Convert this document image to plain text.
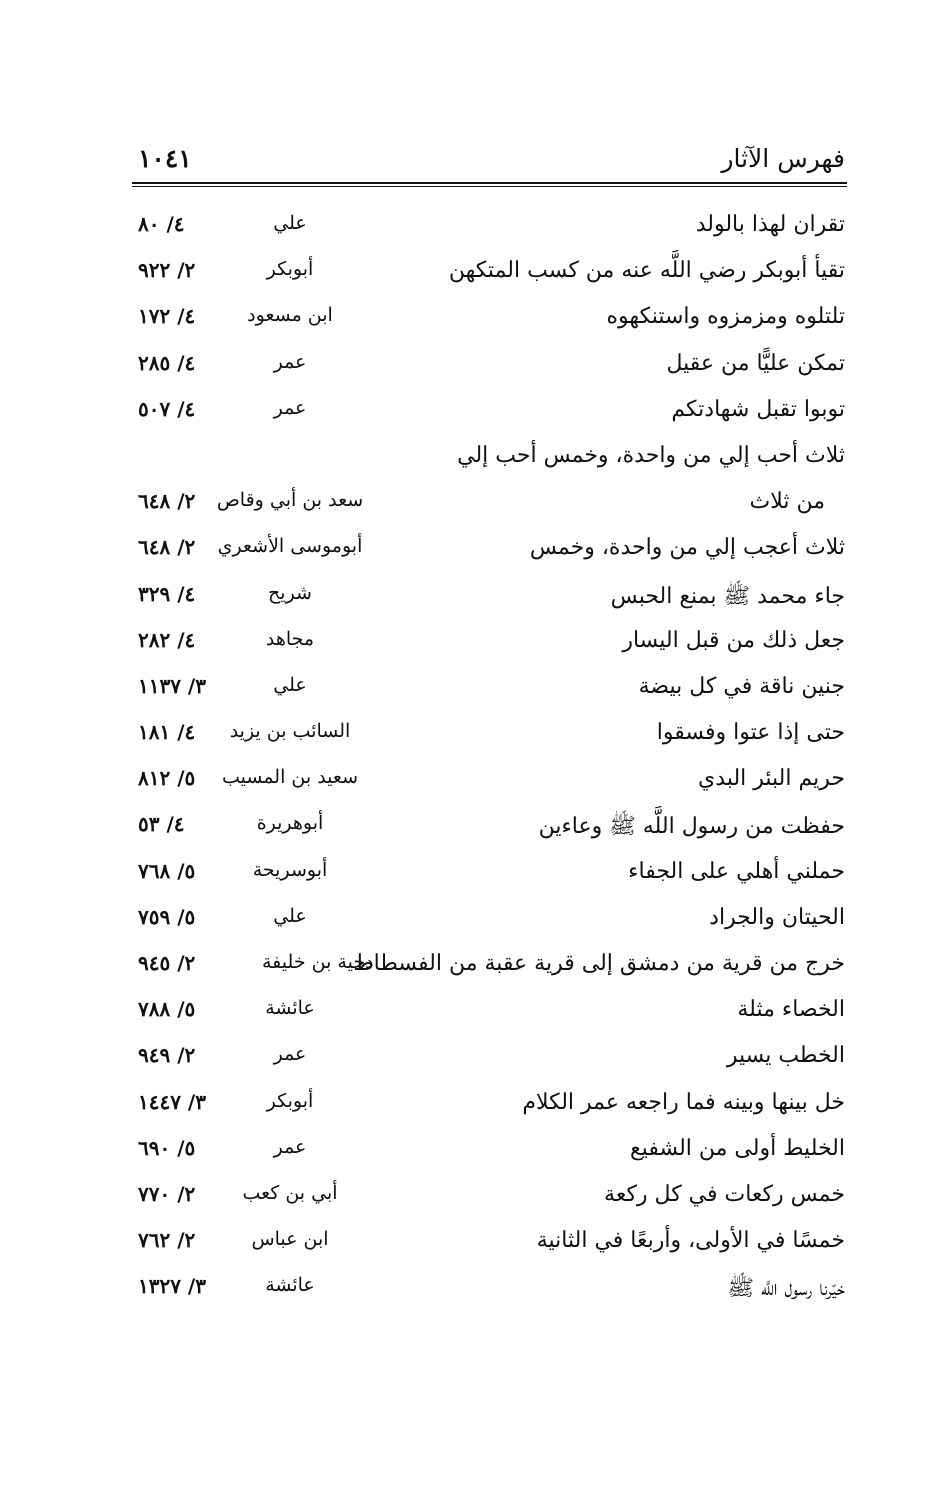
١٠٤١	فهرس الآثار
تقران لهذا بالولد
علي
٤/ ٨٠
تقيأ أبوبكر رضي اللَّه عنه من كسب المتكهن
أبوبكر
٢/ ٩٢٢
تلتلوه ومزمزوه واستنكهوه
ابن مسعود
٤/ ١٧٢
تمكن عليًّا من عقيل
عمر
٤/ ٢٨٥
توبوا تقبل شهادتكم
عمر
٤/ ٥٠٧
ثلاث أحب إلي من واحدة، وخمس أحب إلي
من ثلاث
سعد بن أبي وقاص
٢/ ٦٤٨
ثلاث أعجب إلي من واحدة، وخمس
أبوموسى الأشعري
٢/ ٦٤٨
جاء محمد ﷺ بمنع الحبس
شريح
٤/ ٣٢٩
جعل ذلك من قبل اليسار
مجاهد
٤/ ٢٨٢
جنين ناقة في كل بيضة
علي
٣/ ١١٣٧
حتى إذا عتوا وفسقوا
السائب بن يزيد
٤/ ١٨١
حريم البئر البدي
سعيد بن المسيب
٥/ ٨١٢
حفظت من رسول اللَّه ﷺ وعاءين
أبوهريرة
٤/ ٥٣
حملني أهلي على الجفاء
أبوسريحة
٥/ ٧٦٨
الحيتان والجراد
علي
٥/ ٧٥٩
خرج من قرية من دمشق إلى قرية عقبة من الفسطاط
دحية بن خليفة
٢/ ٩٤٥
الخصاء مثلة
عائشة
٥/ ٧٨٨
الخطب يسير
عمر
٢/ ٩٤٩
خل بينها وبينه فما راجعه عمر الكلام
أبوبكر
٣/ ١٤٤٧
الخليط أولى من الشفيع
عمر
٥/ ٦٩٠
خمس ركعات في كل ركعة
أبي بن كعب
٢/ ٧٧٠
خمسًا في الأولى، وأربعًا في الثانية
ابن عباس
٢/ ٧٦٢
خيّرنا رسول اللَّه ﷺ
عائشة
٣/ ١٣٢٧
